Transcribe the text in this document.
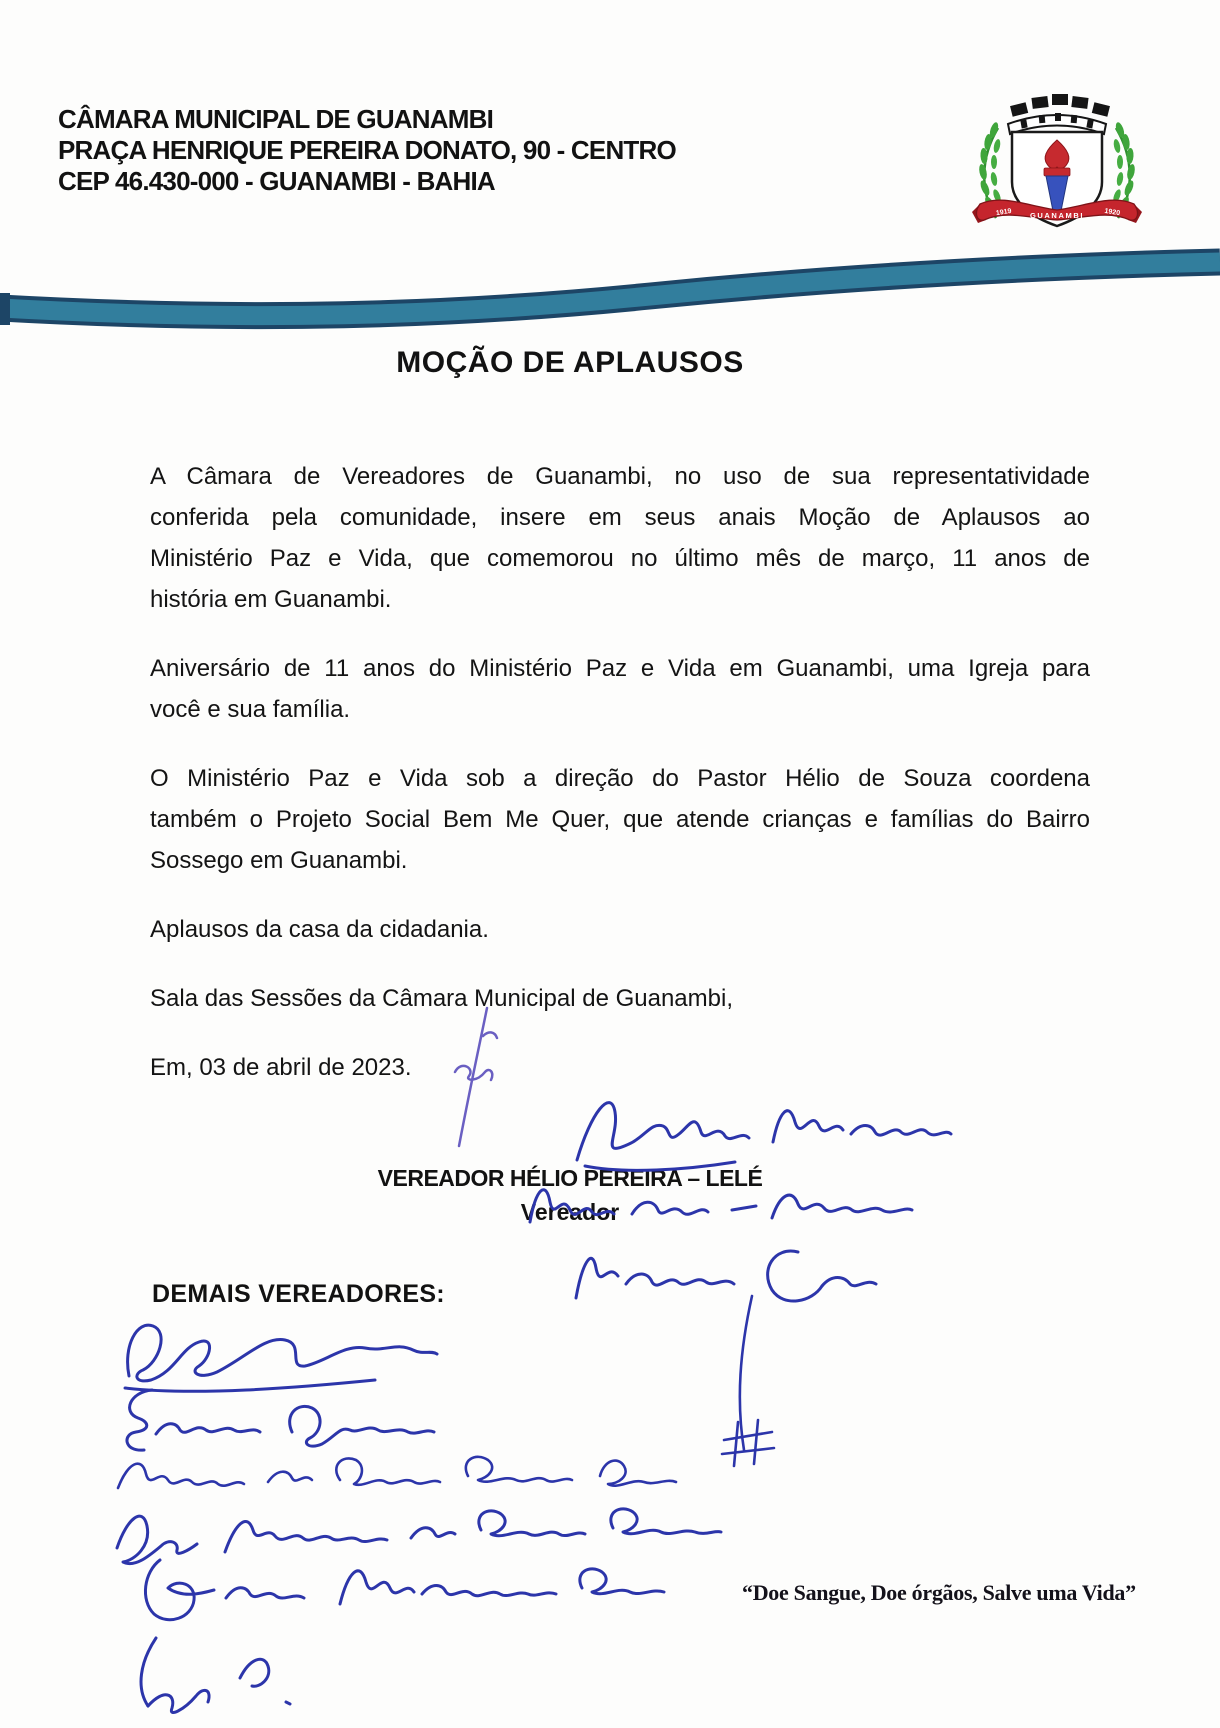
CÂMARA MUNICIPAL DE GUANAMBI
PRAÇA HENRIQUE PEREIRA DONATO, 90 - CENTRO
CEP 46.430-000 - GUANAMBI - BAHIA
1919 GUANAMBI	1920
MOÇÃO DE APLAUSOS
A Câmara de Vereadores de Guanambi, no uso de sua representatividade
conferida pela comunidade, insere em seus anais Moção de Aplausos ao
Ministério Paz e Vida, que comemorou no último mês de março, 11 anos de
história em Guanambi.
Aniversário de 11 anos do Ministério Paz e Vida em Guanambi, uma Igreja para
você e sua família.
O Ministério Paz e Vida sob a direção do Pastor Hélio de Souza coordena
também o Projeto Social Bem Me Quer, que atende crianças e famílias do Bairro
Sossego em Guanambi.
Aplausos da casa da cidadania.
Sala das Sessões da Câmara Municipal de Guanambi,
Em, 03 de abril de 2023.
VEREADOR HÉLIO PEREIRA – LELÉ
Vereador
DEMAIS VEREADORES:
“Doe Sangue, Doe órgãos, Salve uma Vida”
